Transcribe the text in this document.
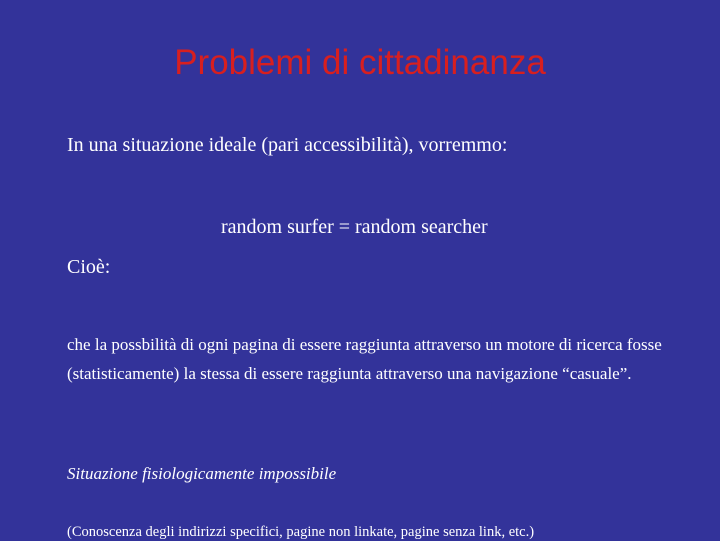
Problemi di cittadinanza

In una situazione ideale (pari accessibilità), vorremmo:

random surfer = random searcher

Cioè:

che la possbilità di ogni pagina di essere raggiunta attraverso un motore di ricerca fosse (statisticamente) la stessa di essere raggiunta attraverso una navigazione “casuale”.

Situazione fisiologicamente impossibile

(Conoscenza degli indirizzi specifici, pagine non linkate, pagine senza link, etc.)
